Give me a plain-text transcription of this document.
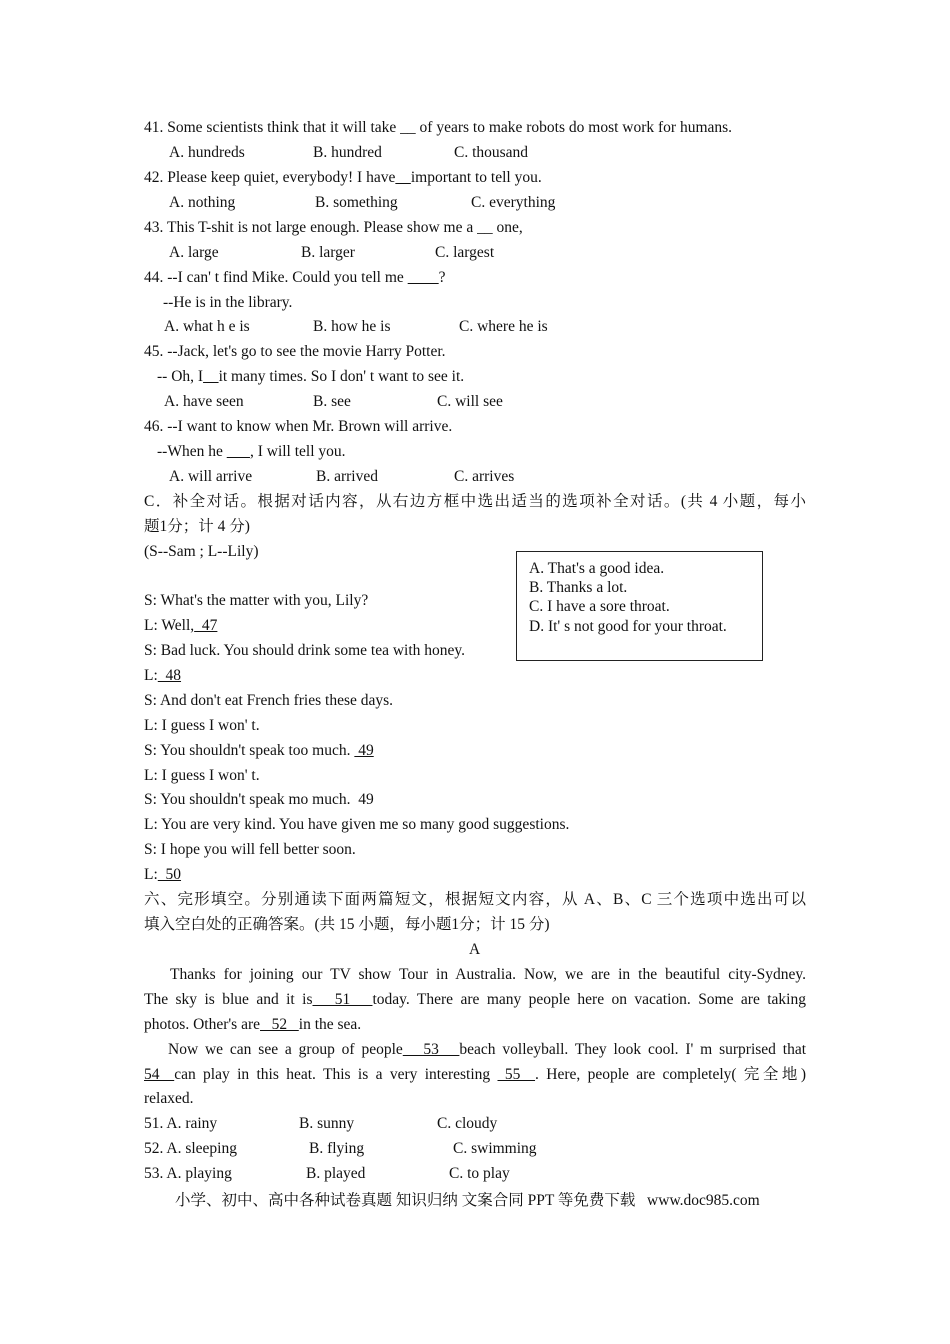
41. Some scientists think that it will take __ of years to make robots do most work for humans.
A. hundreds	B. hundred	C. thousand
42. Please keep quiet, everybody! I have important to tell you.
A. nothing	B. something	C. everything
43. This T-shit is not large enough. Please show me a __ one,
A. large	B. larger	C. largest
44. --I can' t find Mike. Could you tell me         ?
--He is in the library.
A. what h e is	B. how he is	C. where he is
45. --Jack, let's go to see the movie Harry Potter.
-- Oh, I it many times. So I don' t want to see it.
A. have seen	B. see	C. will see
46. --I want to know when Mr. Brown will arrive.
--When he       , I will tell you.
A. will arrive	B. arrived	C. arrives
C．补全对话。根据对话内容，从右边方框中选出适当的选项补全对话。(共 4 小题，每小
题1分；计 4 分)
(S--Sam ; L--Lily)
A. That's a good idea.
B. Thanks a lot.
C. I have a sore throat.
D. It' s not good for your throat.
S: What's the matter with you, Lily?
L: Well,  47
S: Bad luck. You should drink some tea with honey.
L:  48
S: And don't eat French fries these days.
L: I guess I won' t.
S: You shouldn't speak too much.  49
L: I guess I won' t.
S: You shouldn't speak mo much.  49
L: You are very kind. You have given me so many good suggestions.
S: I hope you will fell better soon.
L:  50
六、完形填空。分别通读下面两篇短文，根据短文内容，从 A、B、C 三个选项中选出可以
填入空白处的正确答案。(共 15 小题，每小题1分；计 15 分)
A
Thanks for joining our TV show Tour in Australia. Now, we are in the beautiful city-Sydney.
The sky is blue and it is   51   today. There are many people here on vacation. Some are taking
photos. Other's are   52   in the sea.
Now we can see a group of people   53   beach volleyball. They look cool. I' m surprised that
54  can play in this heat. This is a very interesting  55  . Here, people are completely( 完全地)
relaxed.
51. A. rainy	B. sunny	C. cloudy
52. A. sleeping	B. flying	C. swimming
53. A. playing	B. played	C. to play
小学、初中、高中各种试卷真题 知识归纳 文案合同 PPT 等免费下载   www.doc985.com
